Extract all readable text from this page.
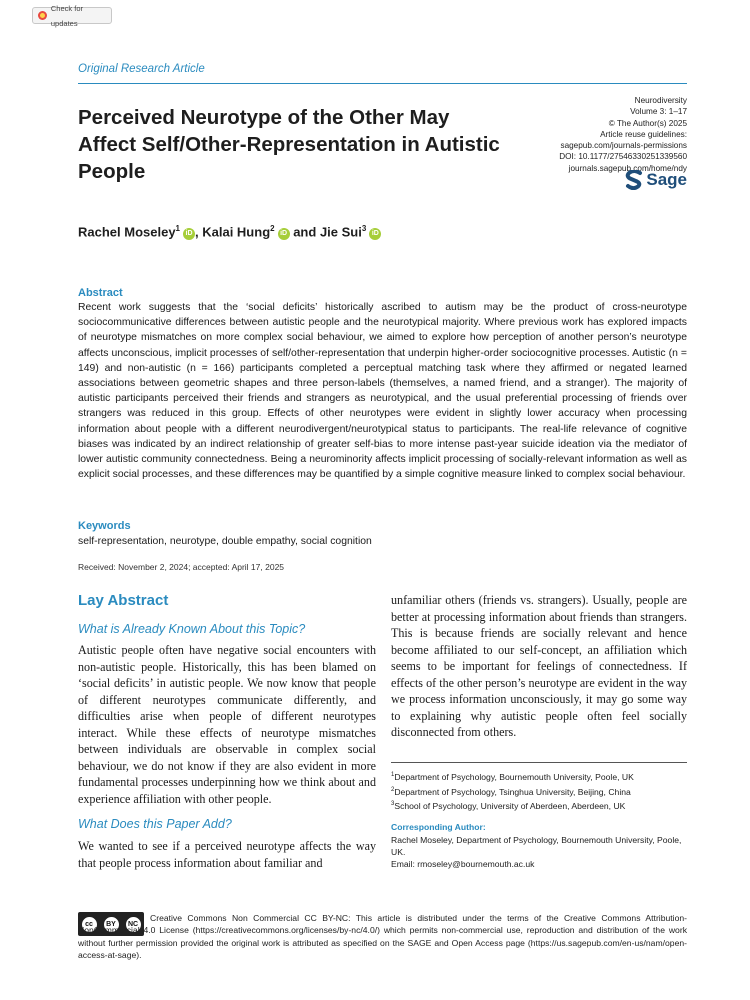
Check for updates
Original Research Article
Perceived Neurotype of the Other May Affect Self/Other-Representation in Autistic People
Neurodiversity
Volume 3: 1–17
© The Author(s) 2025
Article reuse guidelines:
sagepub.com/journals-permissions
DOI: 10.1177/27546330251339560
journals.sagepub.com/home/ndy
Sage
Rachel Moseley$^1$iD , Kalai Hung$^2$iD and Jie Sui$^3$iD
Abstract
Recent work suggests that the ‘social deficits’ historically ascribed to autism may be the product of cross-neurotype sociocommunicative differences between autistic people and the neurotypical majority. Where previous work has explored impacts of neurotype mismatches on more complex social behaviour, we aimed to explore how perception of another person’s neurotype affects unconscious, implicit processes of self/other-representation that underpin higher-order sociocognitive processes. Autistic (n = 149) and non-autistic (n = 166) participants completed a perceptual matching task where they affirmed or negated learned associations between geometric shapes and three person-labels (themselves, a named friend, and a stranger). The majority of autistic participants perceived their friends and strangers as neurotypical, and the usual preferential processing of friends over strangers was reduced in this group. Effects of other neurotypes were evident in slightly lower accuracy when processing information about people with a different neurodivergent/neurotypical status to participants. The real-life relevance of cognitive biases was indicated by an indirect relationship of greater self-bias to more intense past-year suicide ideation via the mediator of lower autistic community connectedness. Being a neurominority affects implicit processing of socially-relevant information as well as explicit social processes, and these differences may be quantified by a simple cognitive measure linked to complex social behaviour.
Keywords
self-representation, neurotype, double empathy, social cognition
Received: November 2, 2024; accepted: April 17, 2025
Lay Abstract
What is Already Known About this Topic?
Autistic people often have negative social encounters with non-autistic people. Historically, this has been blamed on ‘social deficits’ in autistic people. We now know that people of different neurotypes communicate differently, and difficulties arise when people of different neurotypes interact. While these effects of neurotype mismatches between individuals are observable in complex social behaviour, we do not know if they are also evident in more fundamental processes underpinning how we think about and experience affiliation with other people.
What Does this Paper Add?
We wanted to see if a perceived neurotype affects the way that people process information about familiar and
unfamiliar others (friends vs. strangers). Usually, people are better at processing information about friends than strangers. This is because friends are socially relevant and hence become affiliated to our self-concept, an affiliation which seems to be important for feelings of connectedness. If effects of the other person’s neurotype are evident in the way we process information unconsciously, it may go some way to explaining why autistic people often feel socially disconnected from others.
$^1$Department of Psychology, Bournemouth University, Poole, UK
$^2$Department of Psychology, Tsinghua University, Beijing, China
$^3$School of Psychology, University of Aberdeen, Aberdeen, UK
Corresponding Author:
Rachel Moseley, Department of Psychology, Bournemouth University, Poole, UK.
Email: rmoseley@bournemouth.ac.uk
cc	BY	NC
Creative Commons Non Commercial CC BY-NC: This article is distributed under the terms of the Creative Commons Attribution-NonCommercial 4.0 License (https://creativecommons.org/licenses/by-nc/4.0/) which permits non-commercial use, reproduction and distribution of the work without further permission provided the original work is attributed as specified on the SAGE and Open Access page (https://us.sagepub.com/en-us/nam/open-access-at-sage).
